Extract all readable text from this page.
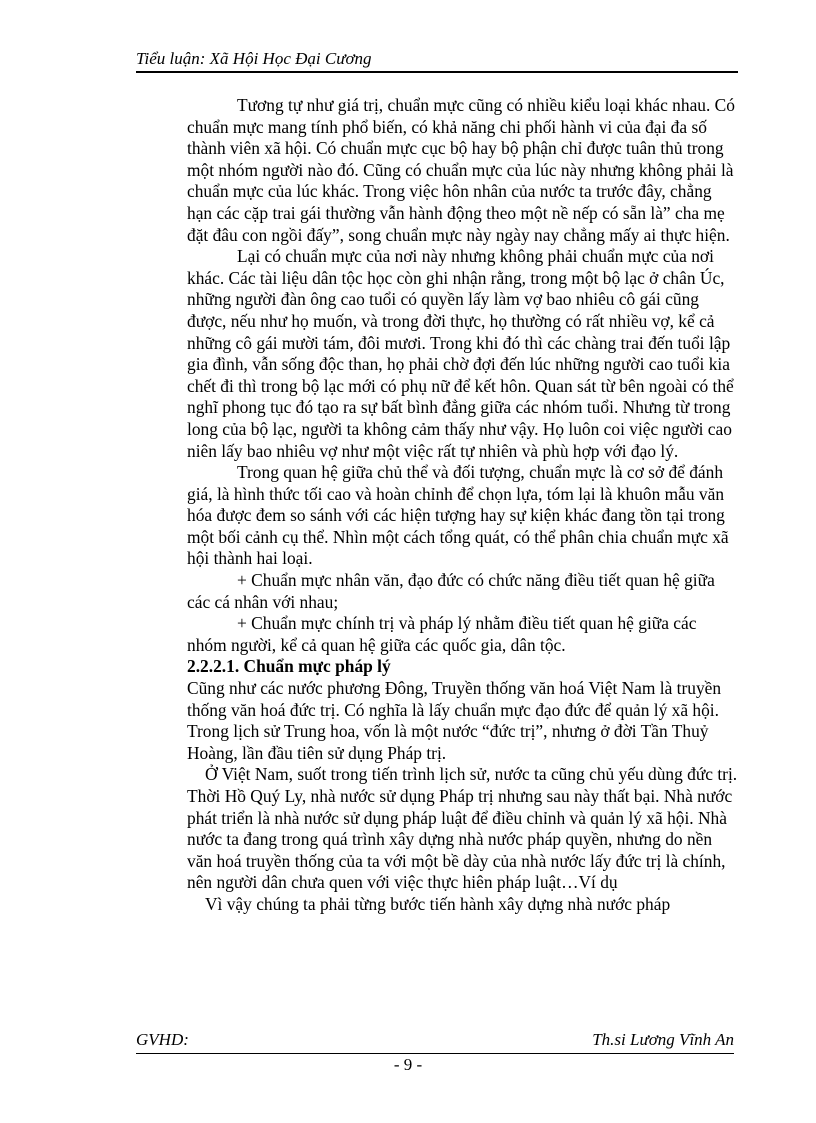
Tiểu luận: Xã Hội Học Đại Cương

Tương tự như giá trị, chuẩn mực cũng có nhiều kiểu loại khác nhau. Có chuẩn mực mang tính phổ biến, có khả năng chi phối hành vi của đại đa số thành viên xã hội. Có chuẩn mực cục bộ hay bộ phận chỉ được tuân thủ trong một nhóm người nào đó. Cũng có chuẩn mực của lúc này nhưng không phải là chuẩn mực của lúc khác. Trong việc hôn nhân của nước ta trước đây, chẳng hạn các cặp trai gái thường vẫn hành động theo một nề nếp có sẵn là” cha mẹ đặt đâu con ngồi đấy”, song chuẩn mực này ngày nay chẳng mấy ai thực hiện.

Lại có chuẩn mực của nơi này nhưng không phải chuẩn mực của nơi khác. Các tài liệu dân tộc học còn ghi nhận rằng, trong một bộ lạc ở chân Úc, những người đàn ông cao tuổi có quyền lấy làm vợ bao nhiêu cô gái cũng được, nếu như họ muốn, và trong đời thực, họ thường có rất nhiều vợ, kể cả những cô gái mười tám, đôi mươi. Trong khi đó thì các chàng trai đến tuổi lập gia đình, vẫn sống độc than, họ phải chờ đợi đến lúc những người cao tuổi kia chết đi thì trong bộ lạc mới có phụ nữ để kết hôn. Quan sát từ bên ngoài có thể nghĩ phong tục đó tạo ra sự bất bình đẳng giữa các nhóm tuổi. Nhưng từ trong long của bộ lạc, người ta không cảm thấy như vậy. Họ luôn coi việc người cao niên lấy bao nhiêu vợ như một việc rất tự nhiên và phù hợp với đạo lý.

Trong quan hệ giữa chủ thể và đối tượng, chuẩn mực là cơ sở để đánh giá, là hình thức tối cao và hoàn chỉnh để chọn lựa, tóm lại là khuôn mẫu văn hóa được đem so sánh với các hiện tượng hay sự kiện khác đang tồn tại trong một bối cảnh cụ thể. Nhìn một cách tổng quát, có thể phân chia chuẩn mực xã hội thành hai loại.

+ Chuẩn mực nhân văn, đạo đức có chức năng điều tiết quan hệ giữa các cá nhân với nhau;

+ Chuẩn mực chính trị và pháp lý nhằm điều tiết quan hệ giữa các nhóm người, kể cả quan hệ giữa các quốc gia, dân tộc.

2.2.2.1. Chuẩn mực pháp lý

Cũng như các nước phương Đông, Truyền thống văn hoá Việt Nam là truyền thống văn hoá đức trị. Có nghĩa là lấy chuẩn mực đạo đức để quản lý xã hội. Trong lịch sử Trung hoa, vốn là một nước “đức trị”, nhưng ở đời Tần Thuỷ Hoàng, lần đầu tiên sử dụng Pháp trị.

Ở Việt Nam, suốt trong tiến trình lịch sử, nước ta cũng chủ yếu dùng đức trị. Thời Hồ Quý Ly, nhà nước sử dụng Pháp trị nhưng sau này thất bại. Nhà nước phát triển là nhà nước sử dụng pháp luật để điều chỉnh và quản lý xã hội. Nhà nước ta đang trong quá trình xây dựng nhà nước pháp quyền, nhưng do nền văn hoá truyền thống của ta với một bề dày của nhà nước lấy đức trị là chính, nên người dân chưa quen với việc thực hiên pháp luật…Ví dụ

Vì vậy chúng ta phải từng bước tiến hành xây dựng nhà nước pháp

GVHD:	Th.si Lương Vĩnh An
- 9 -
